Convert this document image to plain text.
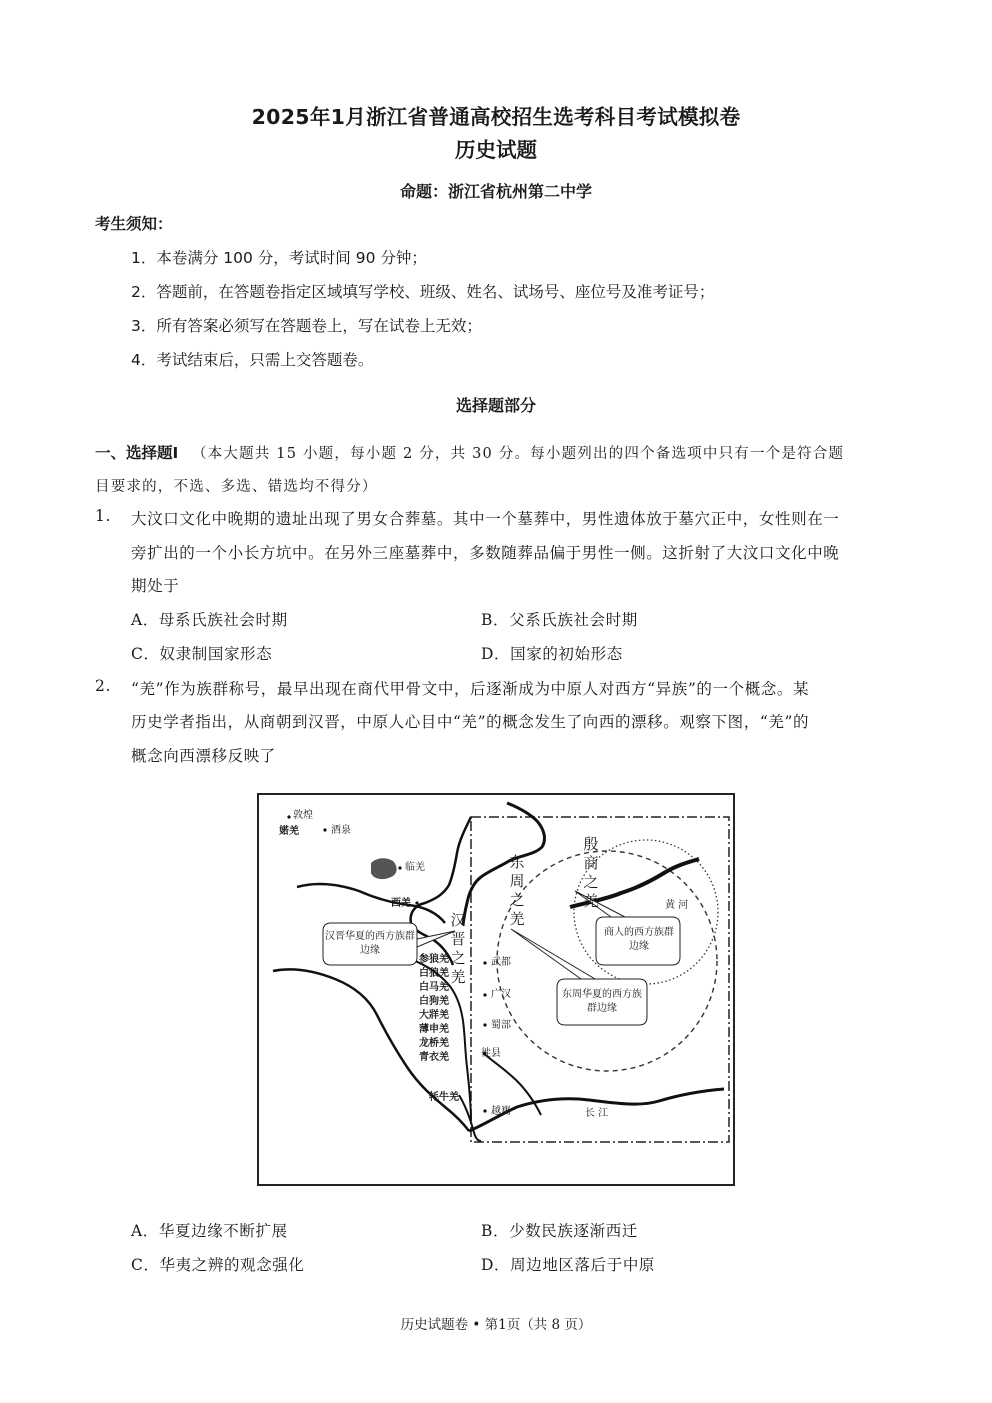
2025年1月浙江省普通高校招生选考科目考试模拟卷
历史试题
命题：浙江省杭州第二中学
考生须知：
1．本卷满分 100 分，考试时间 90 分钟；
2．答题前，在答题卷指定区域填写学校、班级、姓名、试场号、座位号及准考证号；
3．所有答案必须写在答题卷上，写在试卷上无效；
4．考试结束后，只需上交答题卷。
选择题部分
一、选择题Ⅰ （本大题共 15 小题，每小题 2 分，共 30 分。每小题列出的四个备选项中只有一个是符合题
目要求的，不选、多选、错选均不得分）
1. 大汶口文化中晚期的遗址出现了男女合葬墓。其中一个墓葬中，男性遗体放于墓穴正中，女性则在一
旁扩出的一个小长方坑中。在另外三座墓葬中，多数随葬品偏于男性一侧。这折射了大汶口文化中晚
期处于
A．母系氏族社会时期	B．父系氏族社会时期
C．奴隶制国家形态	D．国家的初始形态
2. “羌”作为族群称号，最早出现在商代甲骨文中，后逐渐成为中原人对西方“异族”的一个概念。某
历史学者指出，从商朝到汉晋，中原人心目中“羌”的概念发生了向西的漂移。观察下图，“羌”的
概念向西漂移反映了
敦煌
婼羌	酒泉
临羌
西羌
武都
广汉
蜀部
徙县
越巂
黄 河
长 江
汉晋之羌
东周之羌
殷商之羌
参狼羌
白狼羌
白马羌
白狗羌
大牂羌
薄申羌
龙桥羌
青衣羌
牦牛羌
汉晋华夏的西方族群边缘
东周华夏的西方族群边缘
商人的西方族群边缘
A．华夏边缘不断扩展	B．少数民族逐渐西迁
C．华夷之辨的观念强化	D．周边地区落后于中原
历史试题卷 • 第1页（共 8 页）
